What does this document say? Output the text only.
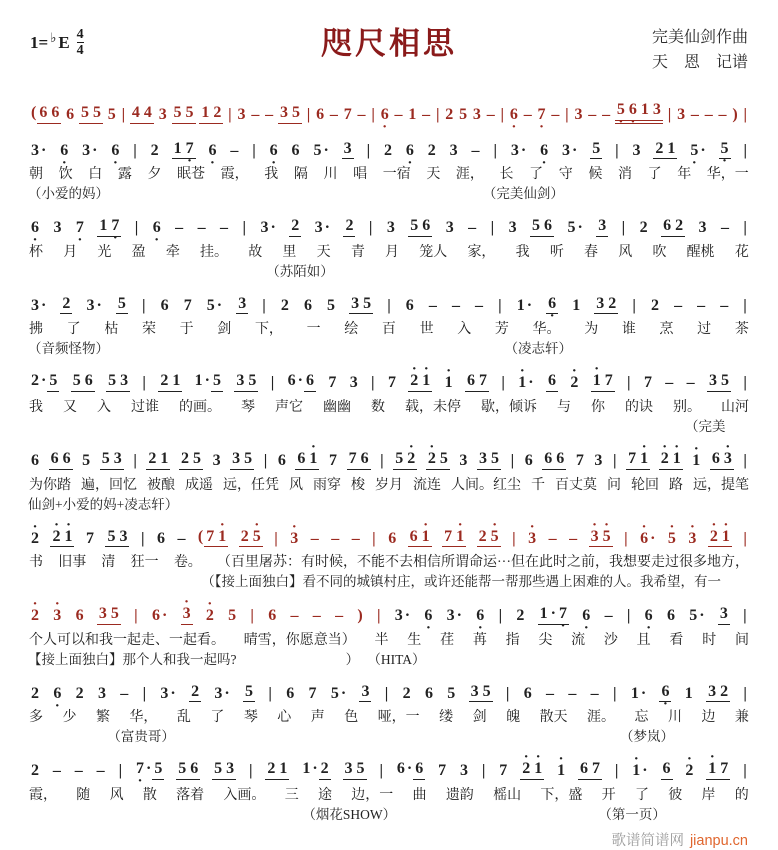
1= ♭ E $\frac{4}{4}$	咫尺相思	完美仙剑作曲
天　恩　记谱
( 6 6 6 5 5 5 | 4 4 3 5 5 1 2 | 3 – – 3 5 | 6 – 7 – | 6 · – 1 – | 2 5 3 – | 6 · – 7 · – | 3 – – 5 · 6 · 1 3 | 3 – – – ) |
3 · 6 · 3 · 6 · | 2 1 7 · 6 · – | 6 · 6 5 · 3 | 2 6 · 2 3 – | 3 · 6 · 3 · 5 | 3 2 1 5 · · 5 · |
朝 饮 白 露 夕 眠苍 霞， 我 隔 川 唱 一宿 天 涯， 长 了 守 候 消 了 年 华，一
（小爱的妈）	（完美仙剑）
6 · 3 7 · 1 7 · | 6 · – – – | 3 · 2 3 · 2 | 3 5 6 3 – | 3 5 6 5 · 3 | 2 6 2 3 – |
杯 月 光 盈 牵 挂。 故 里 天 青 月 笼人 家， 我 听 春 风 吹 醒桃 花
（苏陌如）
3 · 2 3 · 5 | 6 7 5 · 3 | 2 6 5 3 5 | 6 – – – | 1 · 6 · 1 3 2 | 2 – – – |
拂 了 枯 荣 于 剑 下， 一 绘 百 世 入 芳 华。 为 谁 烹 过 茶
（音频怪物）	（凌志轩）
2 · 5 5 6 5 3 | 2 1 1 · 5 3 5 | 6 · 6 7 3 | 7 · 2 · 1 · 1 6 7 | · 1 · 6 · 2 · 1 7 | 7 – – 3 5 |
我 又 入 过谁 的画。 琴 声它 幽幽 数 载，未停 歇，倾诉 与 你 的诀 别。 山河
（完美
6 6 6 5 5 3 | 2 1 2 5 3 3 5 | 6 6 · 1 7 7 6 | 5 · 2 · 2 5 3 3 5 | 6 6 6 7 3 | 7 · 1 · 2 · 1 · 1 6 · 3 |
为你踏 遍，回忆 被酿 成遥 远，任凭 风 雨穿 梭 岁月 流连 人间。红尘 千 百丈莫 问 轮回 路 远，提笔
仙剑+小爱的妈+凌志轩）
· 2 · 2 · 1 7 5 3 | 6 – ( 7 · 1 2 · 5 | · 3 – – – | 6 6 · 1 7 · 1 2 · 5 | · 3 – – · 3 · 5 | · 6 · · 5 · 3 · 2 · 1 |
书 旧事 清 狂一 卷。 （百里屠苏：有时候，不能不去相信所谓命运···但在此时之前，我想要走过很多地方，
（【接上面独白】看不同的城镇村庄，或许还能帮一帮那些遇上困难的人。我希望，有一
· 2 · 3 6 3 5 | 6 · · 3 · 2 5 | 6 – – – ) | 3 · 6 · 3 · 6 · | 2 1 · 7 · 6 · – | 6 · 6 5 · 3 |
个人可以和我一起走、一起看。 晴雪，你愿意当） 半 生 荏 苒 指 尖 流 沙 且 看 时 间
【接上面独白】那个人和我一起吗?	） （HITA）
2 6 · 2 3 – | 3 · 2 3 · 5 | 6 7 5 · 3 | 2 6 5 3 5 | 6 – – – | 1 · 6 · 1 3 2 |
多 少 繁 华， 乱 了 琴 心 声 色 哑，一 缕 剑 魄 散天 涯。 忘 川 边 兼
（富贵哥）	（梦岚）
2 – – – | 7 · · 5 5 6 5 3 | 2 1 1 · 2 3 5 | 6 · 6 7 3 | 7 · 2 · 1 · 1 6 7 | · 1 · 6 · 2 · 1 7 |
霞， 随 风 散 落着 入画。 三 途 边，一 曲 遗韵 榣山 下，盛 开 了 彼 岸 的
（烟花SHOW）	（第一页）
歌谱简谱网 jianpu.cn
